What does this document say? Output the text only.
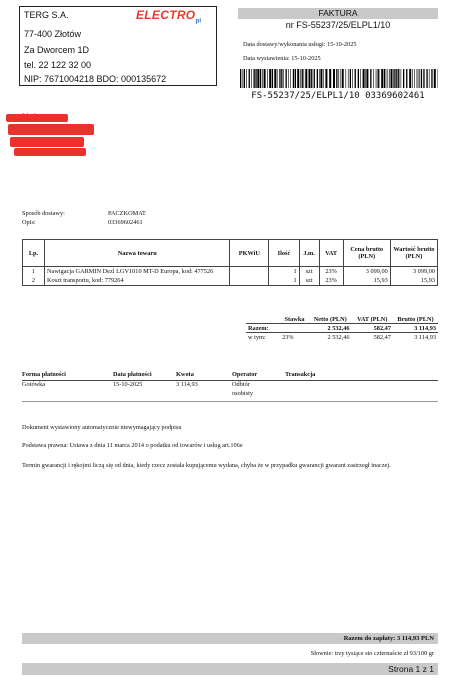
TERG S.A.
77-400 Złotów
Za Dworcem 1D
tel. 22 122 32 00
NIP: 7671004218 BDO: 000135672
$ELECTRO_{pl}$
FAKTURA
nr FS-55237/25/ELPL1/10
Data dostawy/wykonania usługi: 15-10-2025
Data wystawienia: 15-10-2025
FS-55237/25/ELPL1/10 03369602461
Sposób dostawy:	PACZKOMAT
Opis:	03369602461
Lp.	Nazwa towaru	PKWiU	Ilość	J.m.	VAT	Cena brutto (PLN)	Wartość brutto (PLN)
1	Nawigacja GARMIN Dezl LGV1010 MT-D Europa, kod: 477526		1	szt	23%	3 099,00	3 099,00
2	Koszt transportu, kod: 779264		1	szt	23%	15,93	15,93
	Stawka	Netto (PLN)	VAT (PLN)	Brutto (PLN)
Razem:		2 532,46	582,47	3 114,93
w tym:	23%	2 532,46	582,47	3 114,93
Forma płatności	Data płatności	Kwota	Operator	Transakcja
Gotówka	15-10-2025	3 114,93	Odbiór
osobisty
Dokument wystawiony automatycznie niewymagający podpisu
Podstawa prawna: Ustawa z dnia 11 marca 2014 o podatku od towarów i usług art.106e
Termin gwarancji i rękojmi liczą się od dnia, kiedy rzecz została kupującemu wydana, chyba że w przypadku gwarancji gwarant zastrzegł inaczej.
Razem do zapłaty: 3 114,93 PLN
Słownie: trzy tysiące sto czternaście zł 93/100 gr
Strona 1 z 1
